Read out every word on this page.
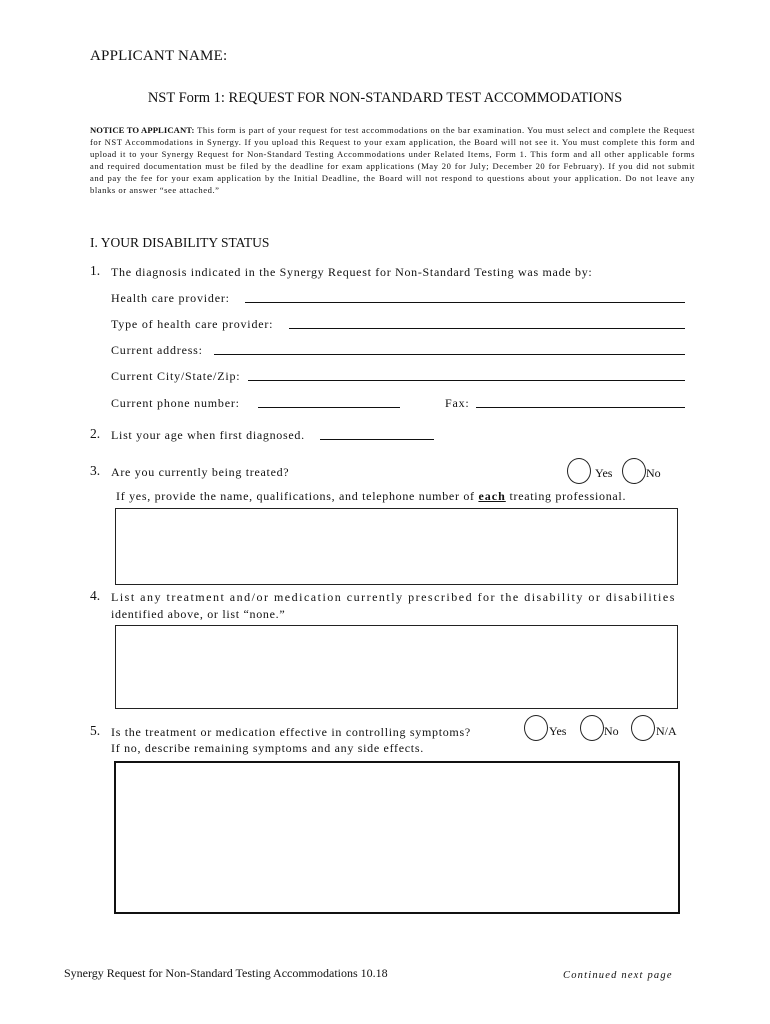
APPLICANT NAME:
NST Form 1: REQUEST FOR NON-STANDARD TEST ACCOMMODATIONS
NOTICE TO APPLICANT: This form is part of your request for test accommodations on the bar examination. You must select and complete the Request for NST Accommodations in Synergy. If you upload this Request to your exam application, the Board will not see it. You must complete this form and upload it to your Synergy Request for Non-Standard Testing Accommodations under Related Items, Form 1. This form and all other applicable forms and required documentation must be filed by the deadline for exam applications (May 20 for July; December 20 for February). If you did not submit and pay the fee for your exam application by the Initial Deadline, the Board will not respond to questions about your application. Do not leave any blanks or answer “see attached.”
I. YOUR DISABILITY STATUS
1. The diagnosis indicated in the Synergy Request for Non-Standard Testing was made by:
Health care provider:
Type of health care provider:
Current address:
Current City/State/Zip:
Current phone number:	Fax:
2. List your age when first diagnosed.
3. Are you currently being treated?	Yes	No
If yes, provide the name, qualifications, and telephone number of each treating professional.
4. List any treatment and/or medication currently prescribed for the disability or disabilities
identified above, or list “none.”
5. Is the treatment or medication effective in controlling symptoms?	Yes	No	N/A
If no, describe remaining symptoms and any side effects.
Synergy Request for Non-Standard Testing Accommodations 10.18	Continued next page
